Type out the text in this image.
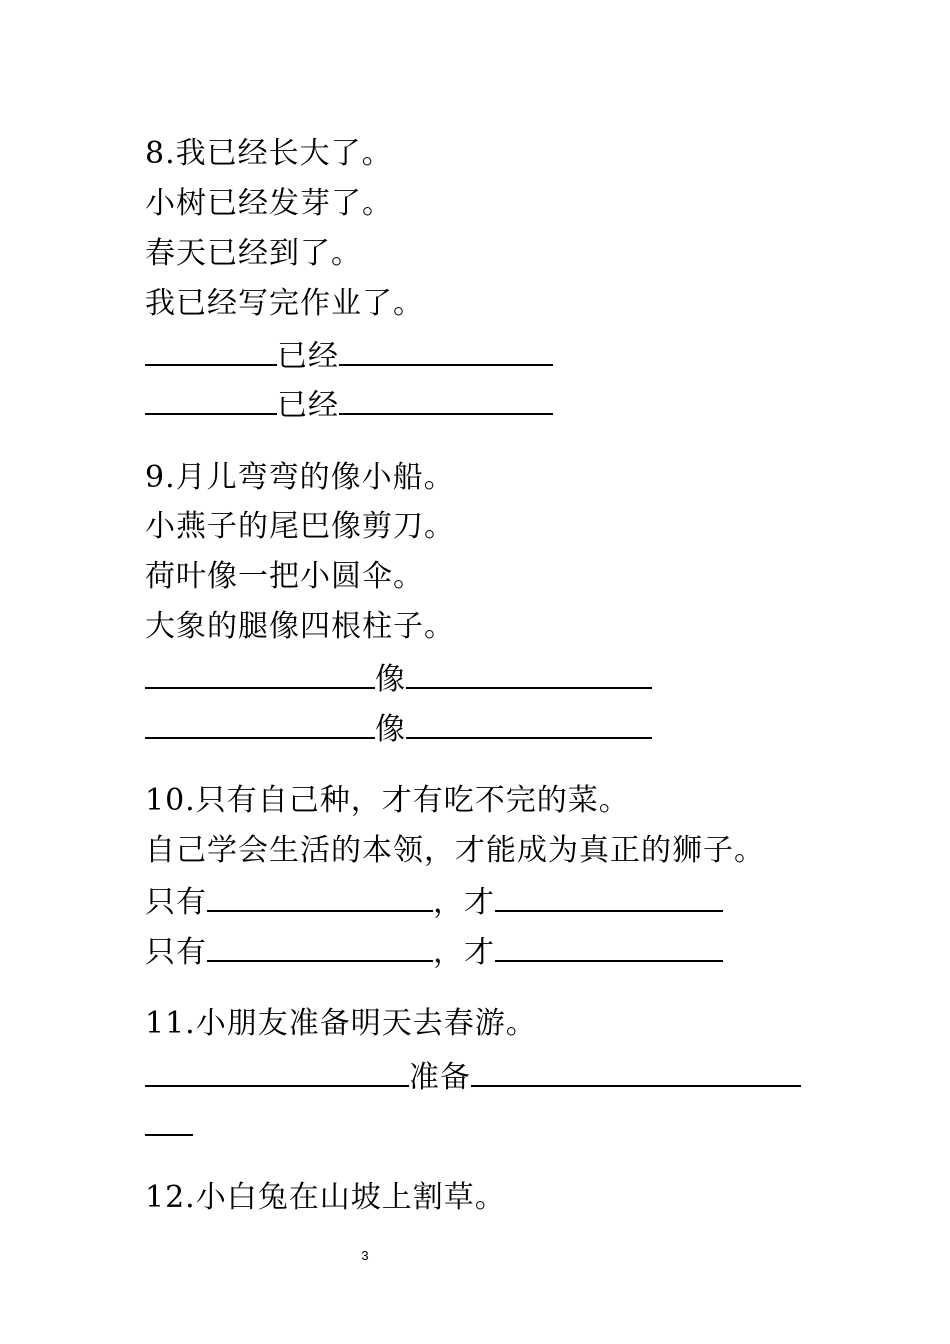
8.我已经长大了。
小树已经发芽了。
春天已经到了。
我已经写完作业了。
已经
已经
9.月儿弯弯的像小船。
小燕子的尾巴像剪刀。
荷叶像一把小圆伞。
大象的腿像四根柱子。
像
像
10.只有自己种，才有吃不完的菜。
自己学会生活的本领，才能成为真正的狮子。
只有	，才
只有	，才
11.小朋友准备明天去春游。
准备
12.小白兔在山坡上割草。
3
